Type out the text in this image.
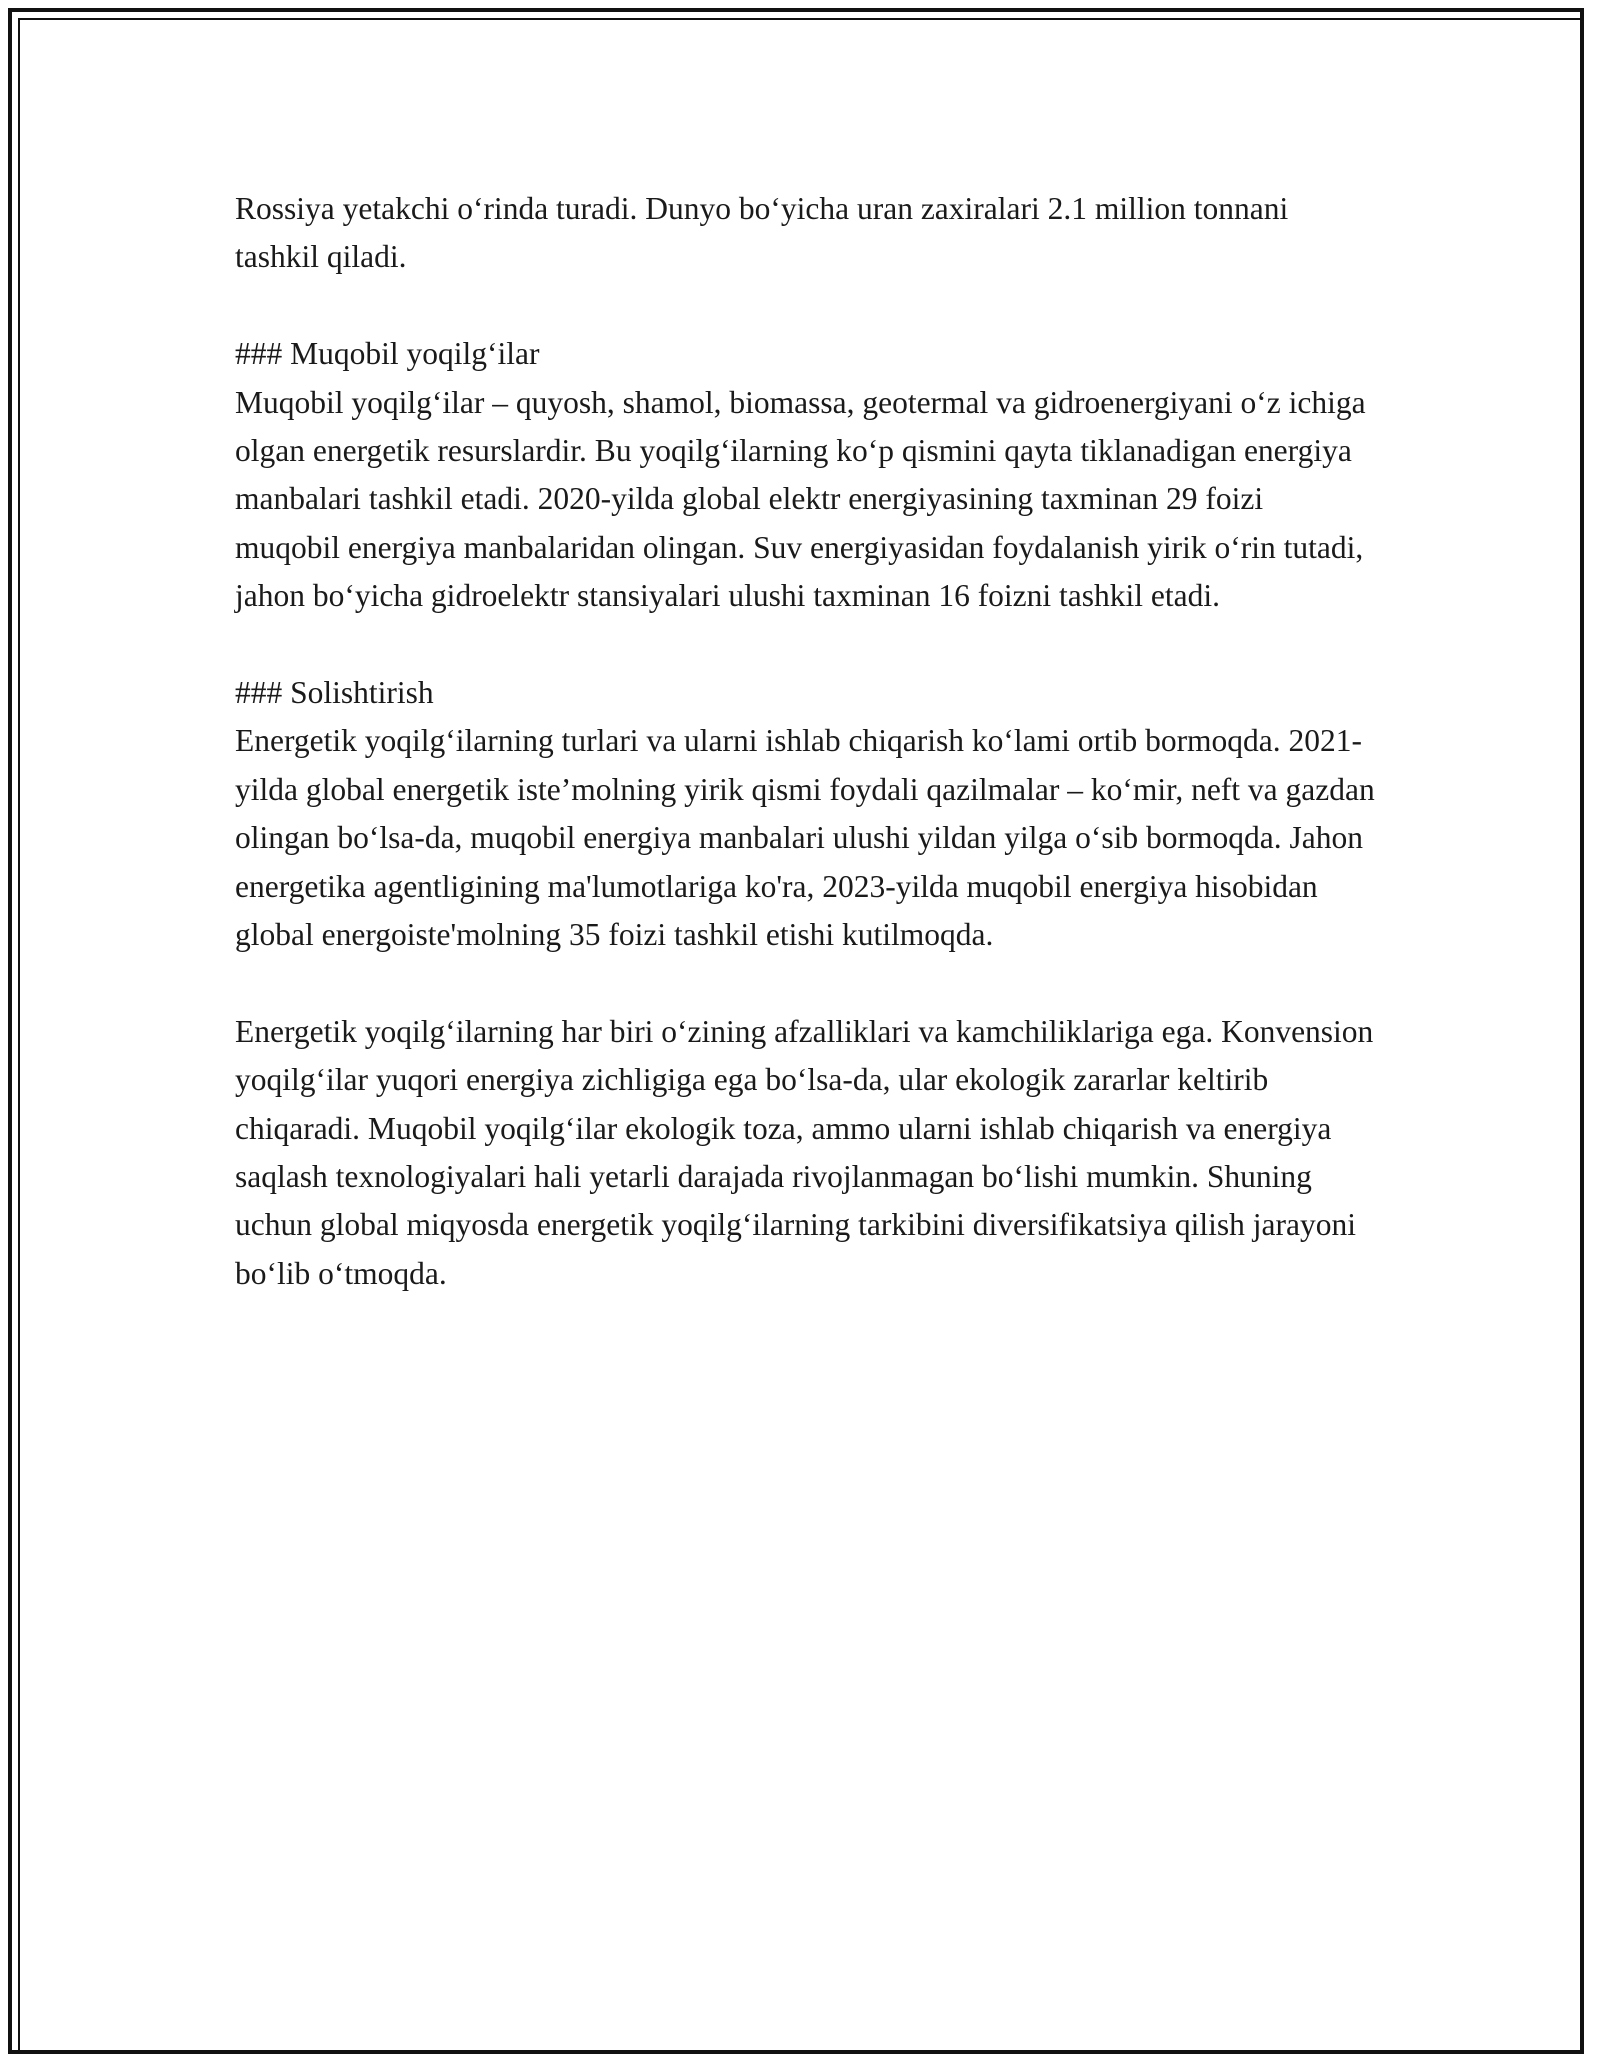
Rossiya yetakchi o‘rinda turadi. Dunyo bo‘yicha uran zaxiralari 2.1 million tonnani tashkil qiladi.

### Muqobil yoqilg‘ilar

Muqobil yoqilg‘ilar – quyosh, shamol, biomassa, geotermal va gidroenergiyani o‘z ichiga olgan energetik resurslardir. Bu yoqilg‘ilarning ko‘p qismini qayta tiklanadigan energiya manbalari tashkil etadi. 2020-yilda global elektr energiyasining taxminan 29 foizi muqobil energiya manbalaridan olingan. Suv energiyasidan foydalanish yirik o‘rin tutadi, jahon bo‘yicha gidroelektr stansiyalari ulushi taxminan 16 foizni tashkil etadi.

### Solishtirish

Energetik yoqilg‘ilarning turlari va ularni ishlab chiqarish ko‘lami ortib bormoqda. 2021-yilda global energetik iste’molning yirik qismi foydali qazilmalar – ko‘mir, neft va gazdan olingan bo‘lsa-da, muqobil energiya manbalari ulushi yildan yilga o‘sib bormoqda. Jahon energetika agentligining ma'lumotlariga ko'ra, 2023-yilda muqobil energiya hisobidan global energoiste'molning 35 foizi tashkil etishi kutilmoqda.

Energetik yoqilg‘ilarning har biri o‘zining afzalliklari va kamchiliklariga ega. Konvension yoqilg‘ilar yuqori energiya zichligiga ega bo‘lsa-da, ular ekologik zararlar keltirib chiqaradi. Muqobil yoqilg‘ilar ekologik toza, ammo ularni ishlab chiqarish va energiya saqlash texnologiyalari hali yetarli darajada rivojlanmagan bo‘lishi mumkin. Shuning uchun global miqyosda energetik yoqilg‘ilarning tarkibini diversifikatsiya qilish jarayoni bo‘lib o‘tmoqda.
